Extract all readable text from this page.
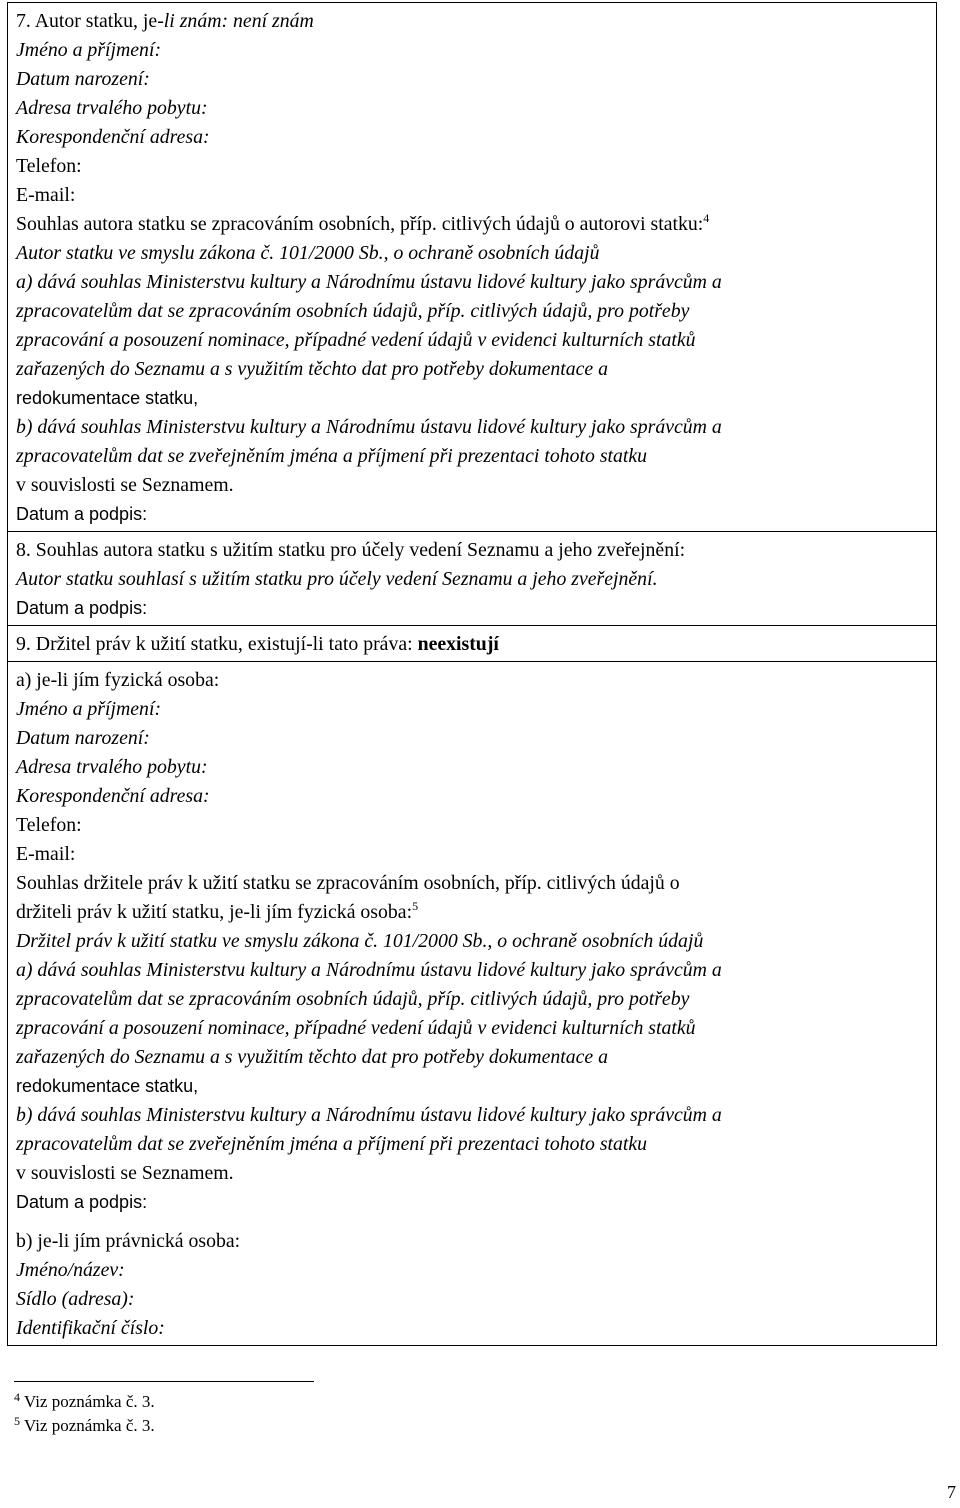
7. Autor statku, je-li znám: není znám
Jméno a příjmení:
Datum narození:
Adresa trvalého pobytu:
Korespondenční adresa:
Telefon:
E-mail:
Souhlas autora statku se zpracováním osobních, příp. citlivých údajů o autorovi statku:$^4$
Autor statku ve smyslu zákona č. 101/2000 Sb., o ochraně osobních údajů
a) dává souhlas Ministerstvu kultury a Národnímu ústavu lidové kultury jako správcům a
zpracovatelům dat se zpracováním osobních údajů, příp. citlivých údajů, pro potřeby
zpracování a posouzení nominace, případné vedení údajů v evidenci kulturních statků
zařazených do Seznamu a s využitím těchto dat pro potřeby dokumentace a
redokumentace statku,
b) dává souhlas Ministerstvu kultury a Národnímu ústavu lidové kultury jako správcům a
zpracovatelům dat se zveřejněním jména a příjmení při prezentaci tohoto statku
v souvislosti se Seznamem.
Datum a podpis:
8. Souhlas autora statku s užitím statku pro účely vedení Seznamu a jeho zveřejnění:
Autor statku souhlasí s užitím statku pro účely vedení Seznamu a jeho zveřejnění.
Datum a podpis:
9. Držitel práv k užití statku, existují-li tato práva: neexistují
a) je-li jím fyzická osoba:
Jméno a příjmení:
Datum narození:
Adresa trvalého pobytu:
Korespondenční adresa:
Telefon:
E-mail:
Souhlas držitele práv k užití statku se zpracováním osobních, příp. citlivých údajů o
držiteli práv k užití statku, je-li jím fyzická osoba:$^5$
Držitel práv k užití statku ve smyslu zákona č. 101/2000 Sb., o ochraně osobních údajů
a) dává souhlas Ministerstvu kultury a Národnímu ústavu lidové kultury jako správcům a
zpracovatelům dat se zpracováním osobních údajů, příp. citlivých údajů, pro potřeby
zpracování a posouzení nominace, případné vedení údajů v evidenci kulturních statků
zařazených do Seznamu a s využitím těchto dat pro potřeby dokumentace a
redokumentace statku,
b) dává souhlas Ministerstvu kultury a Národnímu ústavu lidové kultury jako správcům a
zpracovatelům dat se zveřejněním jména a příjmení při prezentaci tohoto statku
v souvislosti se Seznamem.
Datum a podpis:
b) je-li jím právnická osoba:
Jméno/název:
Sídlo (adresa):
Identifikační číslo:
$^4$ Viz poznámka č. 3.
$^5$ Viz poznámka č. 3.
7
